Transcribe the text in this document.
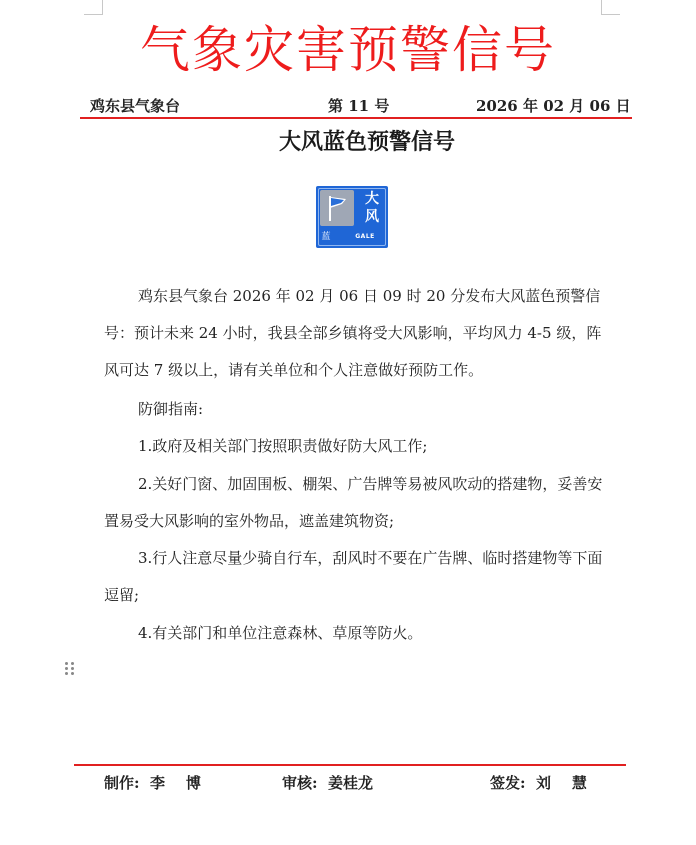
气象灾害预警信号
鸡东县气象台	第 11 号	2026 年 02 月 06 日
大风蓝色预警信号
大
风
蓝	GALE
鸡东县气象台 2026 年 02 月 06 日 09 时 20 分发布大风蓝色预警信号：预计未来 24 小时，我县全部乡镇将受大风影响，平均风力 4-5 级，阵风可达 7 级以上，请有关单位和个人注意做好预防工作。
防御指南:
1.政府及相关部门按照职责做好防大风工作;
2.关好门窗、加固围板、棚架、广告牌等易被风吹动的搭建物，妥善安置易受大风影响的室外物品，遮盖建筑物资;
3.行人注意尽量少骑自行车，刮风时不要在广告牌、临时搭建物等下面逗留;
4.有关部门和单位注意森林、草原等防火。
制作:  李    博	审核:  姜桂龙	签发:  刘    慧
